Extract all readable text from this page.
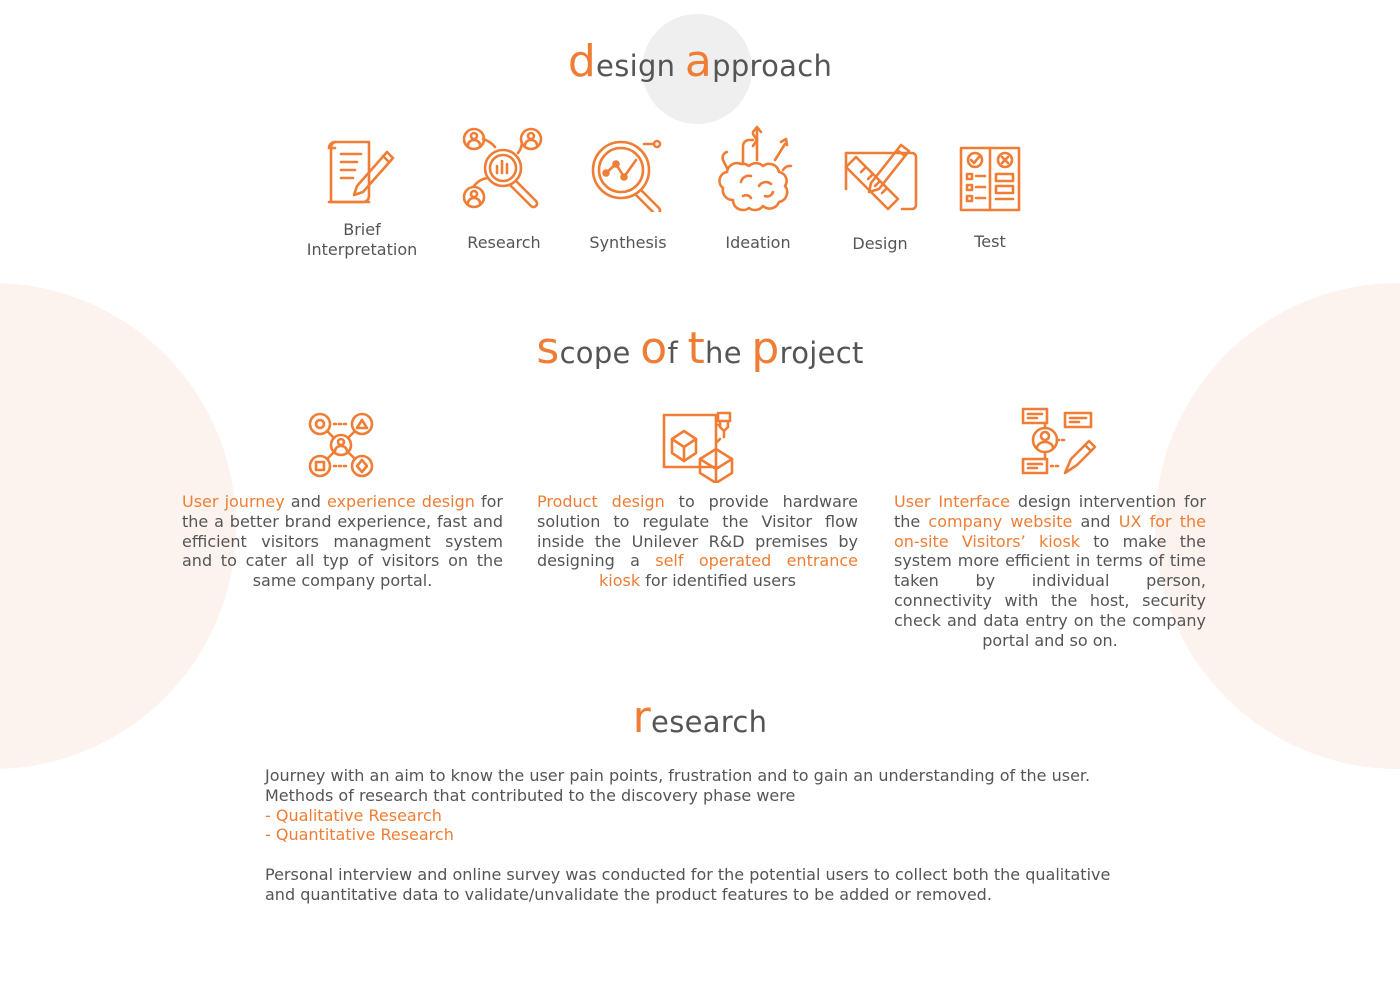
design approach
Brief Interpretation	Research	Synthesis	Ideation	Design	Test
scope of the project
User journey and experience design for the a better brand experience, fast and efficient visitors managment system and to cater all typ of visitors on the same company portal.
Product design to provide hardware solution to regulate the Visitor flow inside the Unilever R&D premises by designing a self operated entrance kiosk for identified users
User Interface design intervention for the company website and UX for the on-site Visitors’ kiosk to make the system more efficient in terms of time taken by individual person, connectivity with the host, security check and data entry on the company portal and so on.
research

Journey with an aim to know the user pain points, frustration and to gain an understanding of the user.

Methods of research that contributed to the discovery phase were

- Qualitative Research

- Quantitative Research

Personal interview and online survey was conducted for the potential users to collect both the qualitative and quantitative data to validate/unvalidate the product features to be added or removed.
